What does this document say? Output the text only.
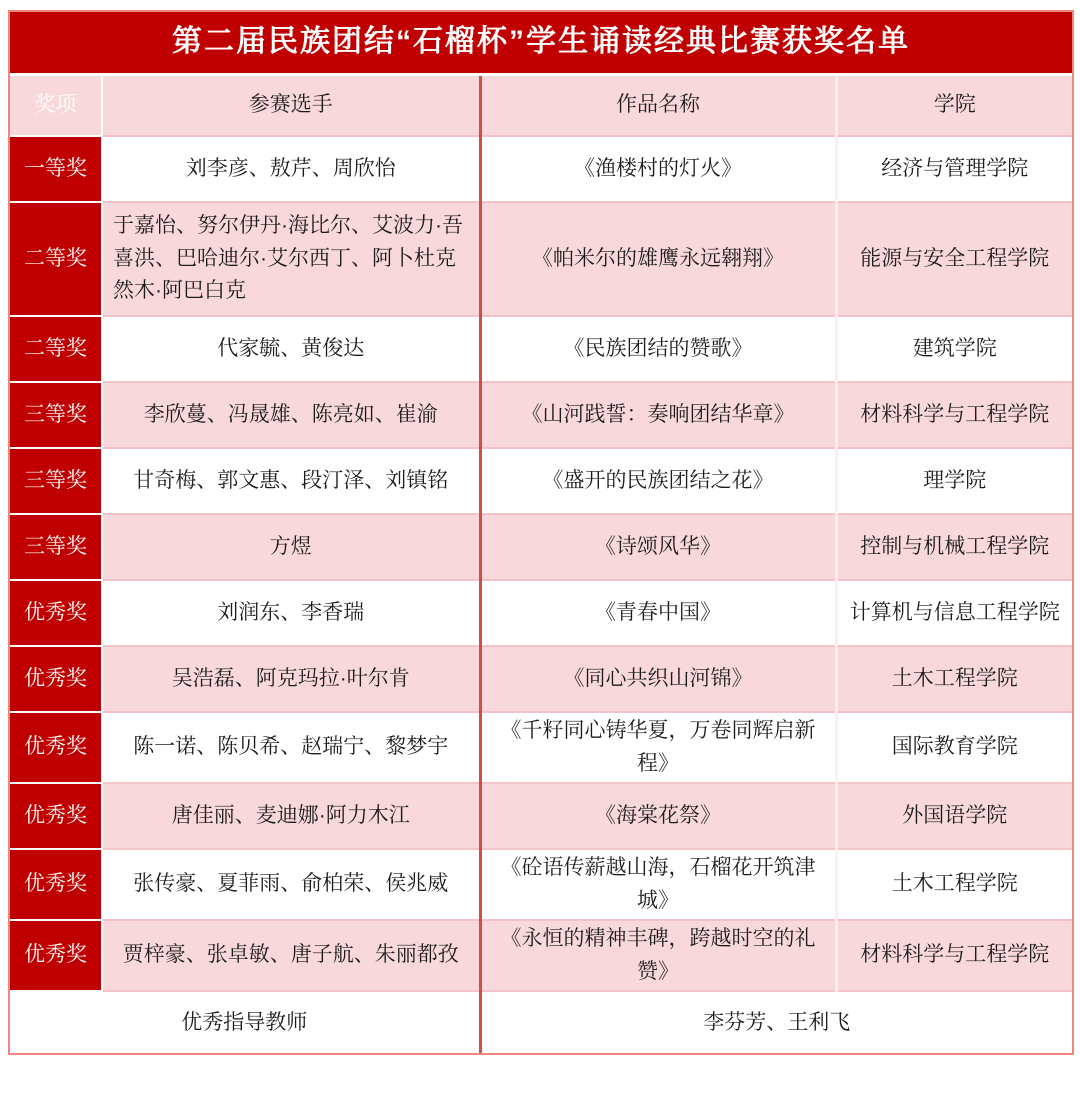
第二届民族团结“石榴杯”学生诵读经典比赛获奖名单			
奖项	参赛选手	作品名称	学院
一等奖	刘李彦、敖芹、周欣怡	《渔楼村的灯火》	经济与管理学院
二等奖	于嘉怡、努尔伊丹·海比尔、艾波力·吾喜洪、巴哈迪尔·艾尔西丁、阿卜杜克然木·阿巴白克	《帕米尔的雄鹰永远翱翔》	能源与安全工程学院
二等奖	代家毓、黄俊达	《民族团结的赞歌》	建筑学院
三等奖	李欣蔓、冯晟雄、陈亮如、崔渝	《山河践誓：奏响团结华章》	材料科学与工程学院
三等奖	甘奇梅、郭文惠、段汀泽、刘镇铭	《盛开的民族团结之花》	理学院
三等奖	方煜	《诗颂风华》	控制与机械工程学院
优秀奖	刘润东、李香瑞	《青春中国》	计算机与信息工程学院
优秀奖	吴浩磊、阿克玛拉·叶尔肯	《同心共织山河锦》	土木工程学院
优秀奖	陈一诺、陈贝希、赵瑞宁、黎梦宇	《千籽同心铸华夏，万卷同辉启新程》	国际教育学院
优秀奖	唐佳丽、麦迪娜·阿力木江	《海棠花祭》	外国语学院
优秀奖	张传豪、夏菲雨、俞柏荣、侯兆威	《砼语传薪越山海，石榴花开筑津城》	土木工程学院
优秀奖	贾梓豪、张卓敏、唐子航、朱丽都孜	《永恒的精神丰碑，跨越时空的礼赞》	材料科学与工程学院
优秀指导教师		李芬芳、王利飞	
